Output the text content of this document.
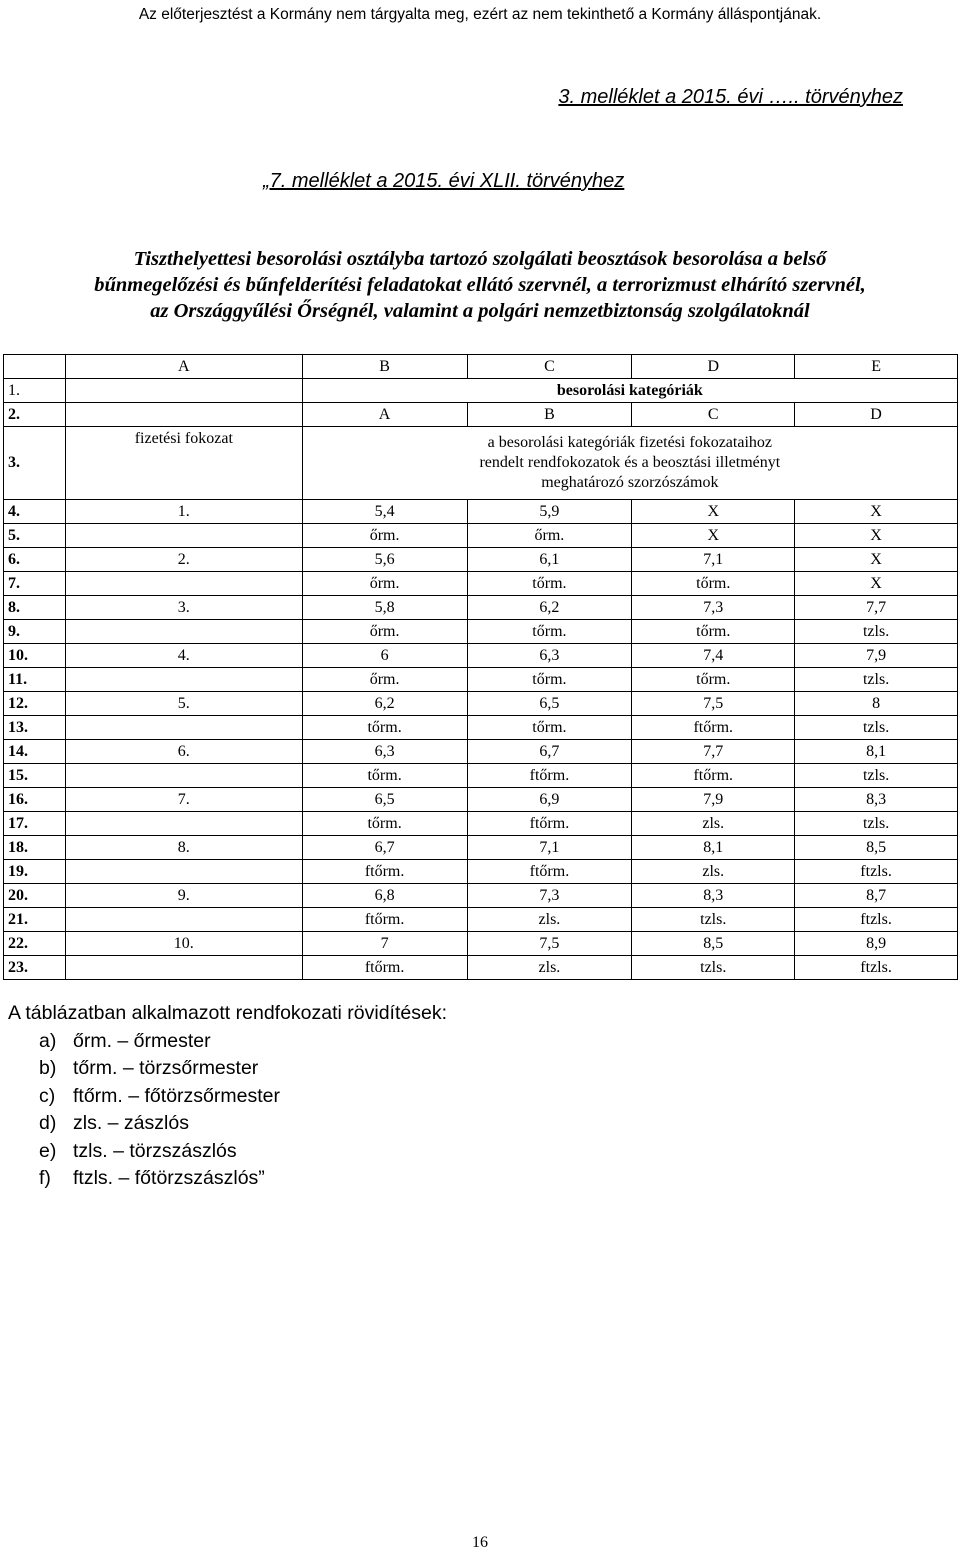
Az előterjesztést a Kormány nem tárgyalta meg, ezért az nem tekinthető a Kormány álláspontjának.
3. melléklet a 2015. évi ….. törvényhez
„7. melléklet a 2015. évi XLII. törvényhez
Tiszthelyettesi besorolási osztályba tartozó szolgálati beosztások besorolása a belső
bűnmegelőzési és bűnfelderítési feladatokat ellátó szervnél, a terrorizmust elhárító szervnél,
az Országgyűlési Őrségnél, valamint a polgári nemzetbiztonság szolgálatoknál
	A	B	C	D	E
1.		besorolási kategóriák			
2.		A	B	C	D
3.	fizetési fokozat	a besorolási kategóriák fizetési fokozataihoz
rendelt rendfokozatok és a beosztási illetményt
meghatározó szorzószámok			

4.	1.	5,4	5,9	X	X
5.		őrm.	őrm.	X	X
6.	2.	5,6	6,1	7,1	X
7.		őrm.	tőrm.	tőrm.	X
8.	3.	5,8	6,2	7,3	7,7
9.		őrm.	tőrm.	tőrm.	tzls.
10.	4.	6	6,3	7,4	7,9
11.		őrm.	tőrm.	tőrm.	tzls.
12.	5.	6,2	6,5	7,5	8
13.		tőrm.	tőrm.	ftőrm.	tzls.
14.	6.	6,3	6,7	7,7	8,1
15.		tőrm.	ftőrm.	ftőrm.	tzls.
16.	7.	6,5	6,9	7,9	8,3
17.		tőrm.	ftőrm.	zls.	tzls.
18.	8.	6,7	7,1	8,1	8,5
19.		ftőrm.	ftőrm.	zls.	ftzls.
20.	9.	6,8	7,3	8,3	8,7
21.		ftőrm.	zls.	tzls.	ftzls.
22.	10.	7	7,5	8,5	8,9
23.		ftőrm.	zls.	tzls.	ftzls.
A táblázatban alkalmazott rendfokozati rövidítések:
a) őrm. – őrmester
b) tőrm. – törzsőrmester
c) ftőrm. – főtörzsőrmester
d) zls. – zászlós
e) tzls. – törzszászlós
f) ftzls. – főtörzszászlós”
16
